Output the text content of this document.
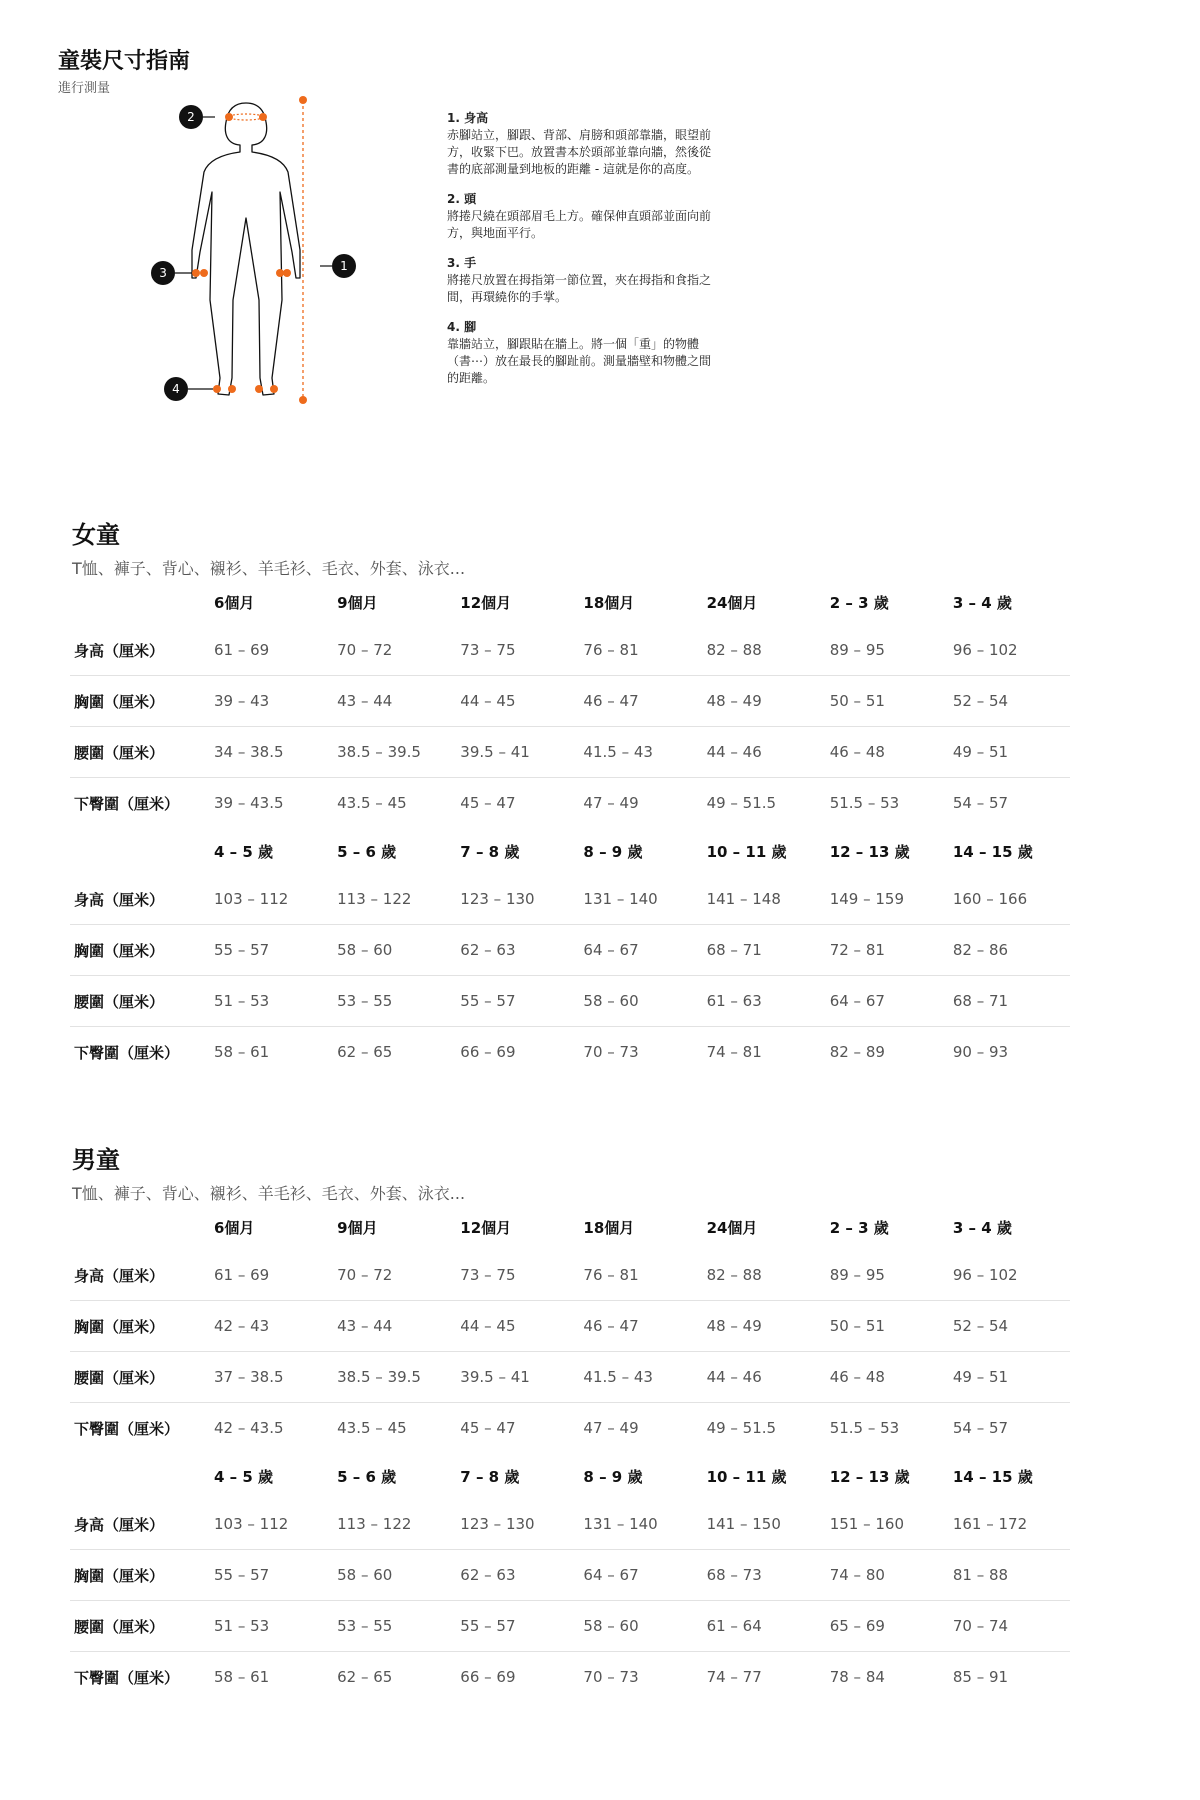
童裝尺寸指南
進行測量
1
2
3
4
1. 身高
赤腳站立，腳跟、背部、肩膀和頭部靠牆，眼望前方，收緊下巴。放置書本於頭部並靠向牆，然後從書的底部測量到地板的距離 - 這就是你的高度。
2. 頭
將捲尺繞在頭部眉毛上方。確保伸直頭部並面向前方，與地面平行。
3. 手
將捲尺放置在拇指第一節位置，夾在拇指和食指之間，再環繞你的手掌。
4. 腳
靠牆站立，腳跟貼在牆上。將一個「重」的物體（書⋯）放在最長的腳趾前。測量牆壁和物體之間的距離。
女童
T恤、褲子、背心、襯衫、羊毛衫、毛衣、外套、泳衣...
	6個月	9個月	12個月	18個月	24個月	2 – 3 歲	3 – 4 歲
身高（厘米）	61 – 69	70 – 72	73 – 75	76 – 81	82 – 88	89 – 95	96 – 102
胸圍（厘米）	39 – 43	43 – 44	44 – 45	46 – 47	48 – 49	50 – 51	52 – 54
腰圍（厘米）	34 – 38.5	38.5 – 39.5	39.5 – 41	41.5 – 43	44 – 46	46 – 48	49 – 51
下臀圍（厘米）	39 – 43.5	43.5 – 45	45 – 47	47 – 49	49 – 51.5	51.5 – 53	54 – 57
	4 – 5 歲	5 – 6 歲	7 – 8 歲	8 – 9 歲	10 – 11 歲	12 – 13 歲	14 – 15 歲
身高（厘米）	103 – 112	113 – 122	123 – 130	131 – 140	141 – 148	149 – 159	160 – 166
胸圍（厘米）	55 – 57	58 – 60	62 – 63	64 – 67	68 – 71	72 – 81	82 – 86
腰圍（厘米）	51 – 53	53 – 55	55 – 57	58 – 60	61 – 63	64 – 67	68 – 71
下臀圍（厘米）	58 – 61	62 – 65	66 – 69	70 – 73	74 – 81	82 – 89	90 – 93
男童
T恤、褲子、背心、襯衫、羊毛衫、毛衣、外套、泳衣...
	6個月	9個月	12個月	18個月	24個月	2 – 3 歲	3 – 4 歲
身高（厘米）	61 – 69	70 – 72	73 – 75	76 – 81	82 – 88	89 – 95	96 – 102
胸圍（厘米）	42 – 43	43 – 44	44 – 45	46 – 47	48 – 49	50 – 51	52 – 54
腰圍（厘米）	37 – 38.5	38.5 – 39.5	39.5 – 41	41.5 – 43	44 – 46	46 – 48	49 – 51
下臀圍（厘米）	42 – 43.5	43.5 – 45	45 – 47	47 – 49	49 – 51.5	51.5 – 53	54 – 57
	4 – 5 歲	5 – 6 歲	7 – 8 歲	8 – 9 歲	10 – 11 歲	12 – 13 歲	14 – 15 歲
身高（厘米）	103 – 112	113 – 122	123 – 130	131 – 140	141 – 150	151 – 160	161 – 172
胸圍（厘米）	55 – 57	58 – 60	62 – 63	64 – 67	68 – 73	74 – 80	81 – 88
腰圍（厘米）	51 – 53	53 – 55	55 – 57	58 – 60	61 – 64	65 – 69	70 – 74
下臀圍（厘米）	58 – 61	62 – 65	66 – 69	70 – 73	74 – 77	78 – 84	85 – 91
